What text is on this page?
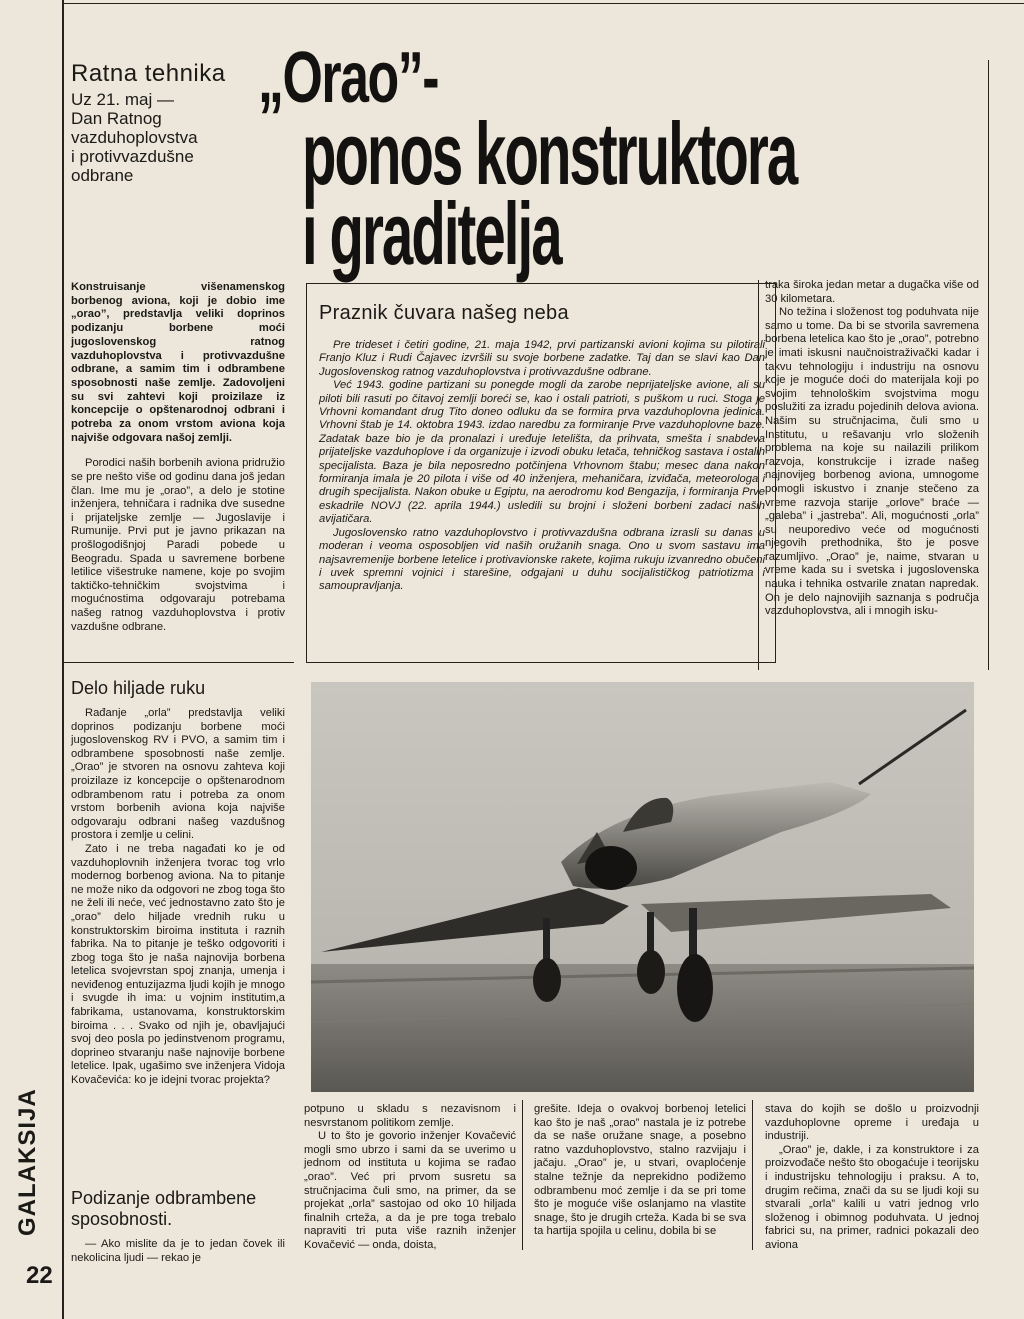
Ratna tehnika
Uz 21. maj —
Dan Ratnog
vazduhoplovstva
i protivvazdušne
odbrane
„Orao”-
ponos konstruktora
i graditelja

Konstruisanje višenamenskog borbenog aviona, koji je dobio ime „orao”, predstavlja veliki doprinos podizanju borbene moći jugoslovenskog ratnog vazduhoplovstva i protivvazdušne odbrane, a samim tim i odbrambene sposobnosti naše zemlje. Zadovoljeni su svi zahtevi koji proizilaze iz koncepcije o opštenarodnoj odbrani i potreba za onom vrstom aviona koja najviše odgovara našoj zemlji.

Porodici naših borbenih aviona pridružio se pre nešto više od godinu dana još jedan član. Ime mu je „orao”, a delo je stotine inženjera, tehničara i radnika dve susedne i prijateljske zemlje — Jugoslavije i Rumunije. Prvi put je javno prikazan na prošlogodišnjoj Paradi pobede u Beogradu. Spada u savremene borbene letilice višestruke namene, koje po svojim taktičko-tehničkim svojstvima i mogućnostima odgovaraju potrebama našeg ratnog vazduhoplovstva i protiv vazdušne odbrane.

Delo hiljade ruku

Rađanje „orla” predstavlja veliki doprinos podizanju borbene moći jugoslovenskog RV i PVO, a samim tim i odbrambene sposobnosti naše zemlje. „Orao” je stvoren na osnovu zahteva koji proizilaze iz koncepcije o opštenarodnom odbrambenom ratu i potreba za onom vrstom borbenih aviona koja najviše odgovaraju odbrani našeg vazdušnog prostora i zemlje u celini.

Zato i ne treba nagađati ko je od vazduhoplovnih inženjera tvorac tog vrlo modernog borbenog aviona. Na to pitanje ne može niko da odgovori ne zbog toga što ne želi ili neće, već jednostavno zato što je „orao” delo hiljade vrednih ruku u konstruktorskim biroima instituta i raznih fabrika. Na to pitanje je teško odgovoriti i zbog toga što je naša najnovija borbena letelica svojevrstan spoj znanja, umenja i neviđenog entuzijazma ljudi kojih je mnogo i svugde ih ima: u vojnim institutim,a fabrikama, ustanovama, konstruktorskim biroima . . . Svako od njih je, obavljajući svoj deo posla po jedinstvenom programu, doprineo stvaranju naše najnovije borbene letelice. Ipak, ugašimo sve inženjera Vidoja Kovačevića: ko je idejni tvorac projekta?

Podizanje odbrambene sposobnosti.

— Ako mislite da je to jedan čovek ili nekolicina ljudi — rekao je

Praznik čuvara našeg neba

Pre trideset i četiri godine, 21. maja 1942, prvi partizanski avioni kojima su pilotirali Franjo Kluz i Rudi Čajavec izvršili su svoje borbene zadatke. Taj dan se slavi kao Dan Jugoslovenskog ratnog vazduhoplovstva i protivvazdušne odbrane.

Već 1943. godine partizani su ponegde mogli da zarobe neprijateljske avione, ali su piloti bili rasuti po čitavoj zemlji boreći se, kao i ostali patrioti, s puškom u ruci. Stoga je Vrhovni komandant drug Tito doneo odluku da se formira prva vazduhoplovna jedinica. Vrhovni štab je 14. oktobra 1943. izdao naredbu za formiranje Prve vazduhoplovne baze. Zadatak baze bio je da pronalazi i uređuje letelišta, da prihvata, smešta i snabdeva prijateljske vazduhoplove i da organizuje i izvodi obuku letača, tehničkog sastava i ostalih specijalista. Baza je bila neposredno potčinjena Vrhovnom štabu; mesec dana nakon formiranja imala je 20 pilota i više od 40 inženjera, mehaničara, izviđača, meteorologa i drugih specijalista. Nakon obuke u Egiptu, na aerodromu kod Bengazija, i formiranja Prve eskadrile NOVJ (22. aprila 1944.) usledili su brojni i složeni borbeni zadaci naših avijatičara.

Jugoslovensko ratno vazduhoplovstvo i protivvazdušna odbrana izrasli su danas u moderan i veoma osposobljen vid naših oružanih snaga. Ono u svom sastavu ima najsavremenije borbene letelice i protivavionske rakete, kojima rukuju izvanredno obučeni i uvek spremni vojnici i starešine, odgajani u duhu socijalističkog patriotizma i samoupravljanja.

traka široka jedan metar a dugačka više od 30 kilometara.

No težina i složenost tog poduhvata nije samo u tome. Da bi se stvorila savremena borbena letelica kao što je „orao”, potrebno je imati iskusni naučnoistraživački kadar i takvu tehnologiju i industriju na osnovu koje je moguće doći do materijala koji po svojim tehnološkim svojstvima mogu poslužiti za izradu pojedinih delova aviona. Našim su stručnjacima, čuli smo u Institutu, u rešavanju vrlo složenih problema na koje su nailazili prilikom razvoja, konstrukcije i izrade našeg najnovijeg borbenog aviona, umnogome pomogli iskustvo i znanje stečeno za vreme razvoja starije „orlove” braće — „galeba” i „jastreba”. Ali, mogućnosti „orla” su neuporedivo veće od mogućnosti njegovih prethodnika, što je posve razumljivo. „Orao” je, naime, stvaran u vreme kada su i svetska i jugoslovenska nauka i tehnika ostvarile znatan napredak. On je delo najnovijih saznanja s područja vazduhoplovstva, ali i mnogih isku-

potpuno u skladu s nezavisnom i nesvrstanom politikom zemlje.

U to što je govorio inženjer Kovačević mogli smo ubrzo i sami da se uverimo u jednom od instituta u kojima se rađao „orao”. Već pri prvom susretu sa stručnjacima čuli smo, na primer, da se projekat „orla” sastojao od oko 10 hiljada finalnih crteža, a da je pre toga trebalo napraviti tri puta više raznih inženjer Kovačević — onda, doista,

grešite. Ideja o ovakvoj borbenoj letelici kao što je naš „orao” nastala je iz potrebe da se naše oružane snage, a posebno ratno vazduhoplovstvo, stalno razvijaju i jačaju. „Orao” je, u stvari, ovaploćenje stalne težnje da neprekidno podižemo odbrambenu moć zemlje i da se pri tome što je moguće više oslanjamo na vlastite snage, što je drugih crteža. Kada bi se sva ta hartija spojila u celinu, dobila bi se
stava do kojih se došlo u proizvodnji vazduhoplovne opreme i uređaja u industriji.

„Orao” je, dakle, i za konstruktore i za proizvođače nešto što obogaćuje i teorijsku i industrijsku tehnologiju i praksu. A to, drugim rečima, znači da su se ljudi koji su stvarali „orla” kalili u vatri jednog vrlo složenog i obimnog poduhvata. U jednoj fabrici su, na primer, radnici pokazali deo aviona

GALAKSIJA
22
